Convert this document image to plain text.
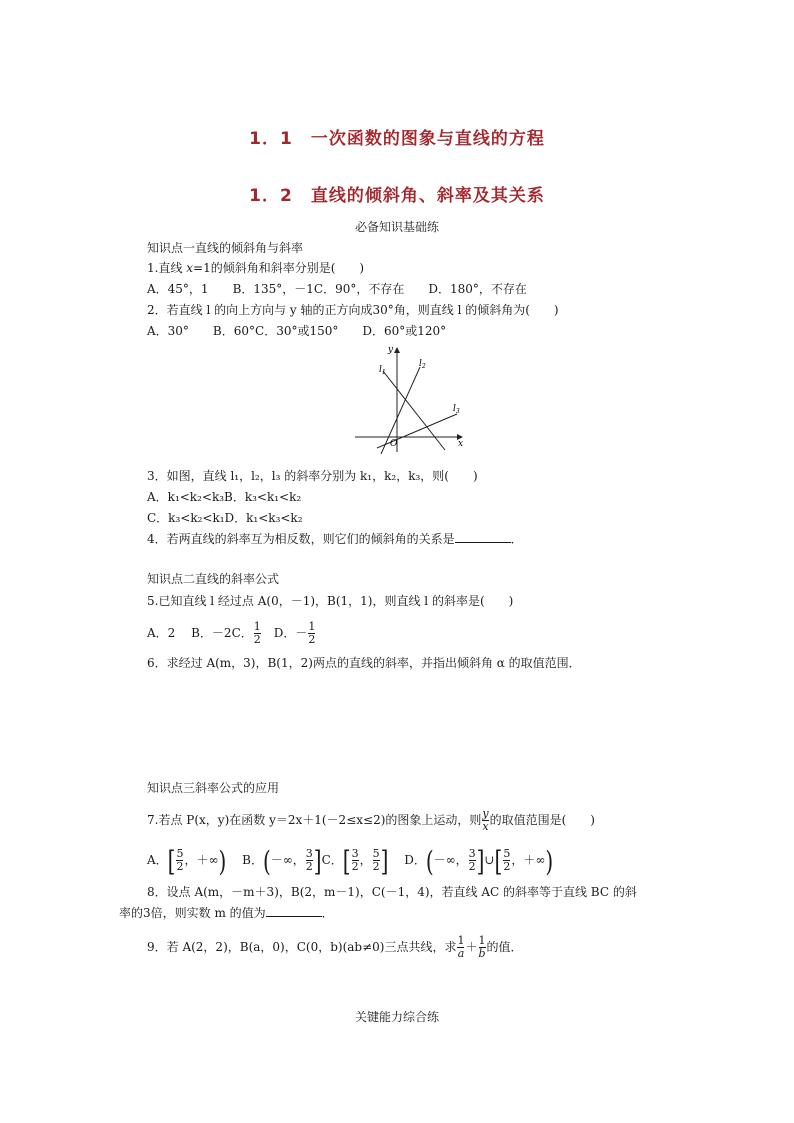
1．1　一次函数的图象与直线的方程
1．2　直线的倾斜角、斜率及其关系
必备知识基础练
知识点一直线的倾斜角与斜率
1.直线 x=1的倾斜角和斜率分别是(　　)
A．45°，1　　B．135°，－1C．90°，不存在　　D．180°，不存在
2．若直线 l 的向上方向与 y 轴的正方向成30°角，则直线 l 的倾斜角为(　　)
A．30°　　B．60°C．30°或150°　　D．60°或120°
y
x
O
$l_1$
$l_2$
$l_3$
3．如图，直线 l₁，l₂，l₃ 的斜率分别为 k₁，k₂，k₃，则(　　)
A．k₁<k₂<k₃B．k₃<k₁<k₂
C．k₃<k₂<k₁D．k₁<k₃<k₂
4．若两直线的斜率互为相反数，则它们的倾斜角的关系是	．
知识点二直线的斜率公式
5.已知直线 l 经过点 A(0，－1)，B(1，1)，则直线 l 的斜率是(　　)
A．2　 B．－2C． $\frac{1}{2}$ 　D．－ $\frac{1}{2}$
6．求经过 A(m，3)，B(1，2)两点的直线的斜率，并指出倾斜角 α 的取值范围．
知识点三斜率公式的应用
7.若点 P(x，y)在函数 y＝2x＋1(－2≤x≤2)的图象上运动，则 $\frac{y}{x}$ 的取值范围是(　　)
A．[ $\frac{5}{2}$ ，＋∞) 　B．(－∞， $\frac{3}{2} ]C$．[ $\frac{3}{2}$ ， $\frac{5}{2}$ ] 　D．(－∞， $\frac{3}{2}$ ]∪[ $\frac{5}{2}$ ，＋∞)
8．设点 A(m，－m＋3)，B(2，m－1)，C(－1，4)，若直线 AC 的斜率等于直线 BC 的斜
率的3倍，则实数 m 的值为	．
9．若 A(2，2)，B(a，0)，C(0，b)(ab≠0)三点共线，求 $\frac{1}{a} + \frac{1}{b}$ 的值．
关键能力综合练
